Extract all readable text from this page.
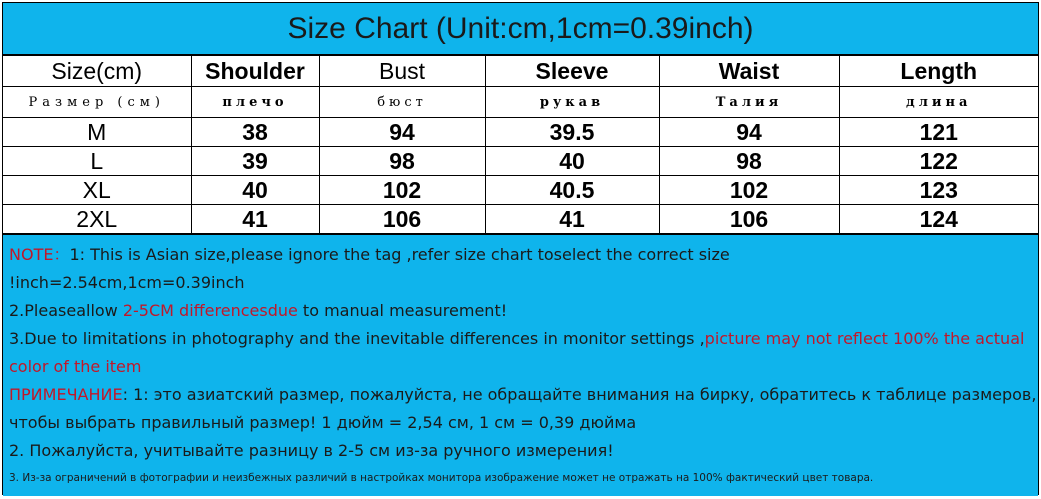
Size Chart (Unit:cm,1cm=0.39inch)
Size(cm)	Shoulder	Bust	Sleeve	Waist	Length
Размер (см)	плечо	бюст	рукав	Талия	длина
M	38	94	39.5	94	121
L	39	98	40	98	122
XL	40	102	40.5	102	123
2XL	41	106	41	106	124

NOTE：1: This is Asian size,please ignore the tag ,refer size chart toselect the correct size

!inch=2.54cm,1cm=0.39inch

2.Pleaseallow 2-5CM differencesdue to manual measurement!

3.Due to limitations in photography and the inevitable differences in monitor settings ,picture may not reflect 100% the actual color of the item

ПРИМЕЧАНИЕ: 1: это азиатский размер, пожалуйста, не обращайте внимания на бирку, обратитесь к таблице размеров, чтобы выбрать правильный размер! 1 дюйм = 2,54 см, 1 см = 0,39 дюйма

2. Пожалуйста, учитывайте разницу в 2-5 см из-за ручного измерения!

3. Из-за ограничений в фотографии и неизбежных различий в настройках монитора изображение может не отражать на 100% фактический цвет товара.
